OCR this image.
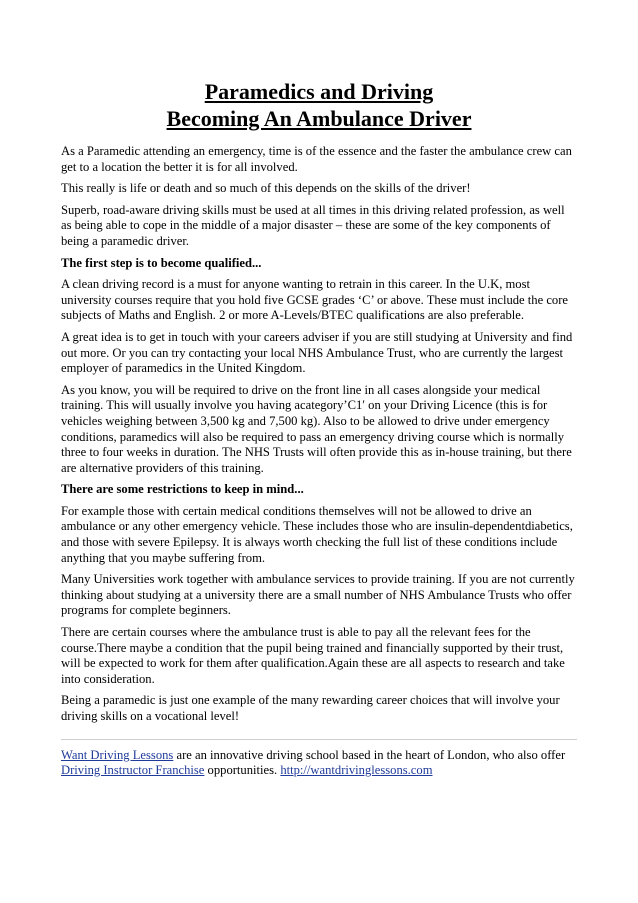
Paramedics and Driving
Becoming An Ambulance Driver

As a Paramedic attending an emergency, time is of the essence and the faster the ambulance crew can get to a location the better it is for all involved.

This really is life or death and so much of this depends on the skills of the driver!

Superb, road-aware driving skills must be used at all times in this driving related profession, as well as being able to cope in the middle of a major disaster – these are some of the key components of being a paramedic driver.

The first step is to become qualified...

A clean driving record is a must for anyone wanting to retrain in this career. In the U.K, most university courses require that you hold five GCSE grades ‘C’ or above. These must include the core subjects of Maths and English. 2 or more A-Levels/BTEC qualifications are also preferable.

A great idea is to get in touch with your careers adviser if you are still studying at University and find out more. Or you can try contacting your local NHS Ambulance Trust, who are currently the largest employer of paramedics in the United Kingdom.

As you know, you will be required to drive on the front line in all cases alongside your medical training. This will usually involve you having acategory’C1′ on your Driving Licence (this is for vehicles weighing between 3,500 kg and 7,500 kg). Also to be allowed to drive under emergency conditions, paramedics will also be required to pass an emergency driving course which is normally three to four weeks in duration. The NHS Trusts will often provide this as in-house training, but there are alternative providers of this training.

There are some restrictions to keep in mind...

For example those with certain medical conditions themselves will not be allowed to drive an ambulance or any other emergency vehicle. These includes those who are insulin-dependentdiabetics, and those with severe Epilepsy. It is always worth checking the full list of these conditions include anything that you maybe suffering from.

Many Universities work together with ambulance services to provide training. If you are not currently thinking about studying at a university there are a small number of NHS Ambulance Trusts who offer programs for complete beginners.

There are certain courses where the ambulance trust is able to pay all the relevant fees for the course.There maybe a condition that the pupil being trained and financially supported by their trust, will be expected to work for them after qualification.Again these are all aspects to research and take into consideration.

Being a paramedic is just one example of the many rewarding career choices that will involve your driving skills on a vocational level!

Want Driving Lessons are an innovative driving school based in the heart of London, who also offer Driving Instructor Franchise opportunities. http://wantdrivinglessons.com
